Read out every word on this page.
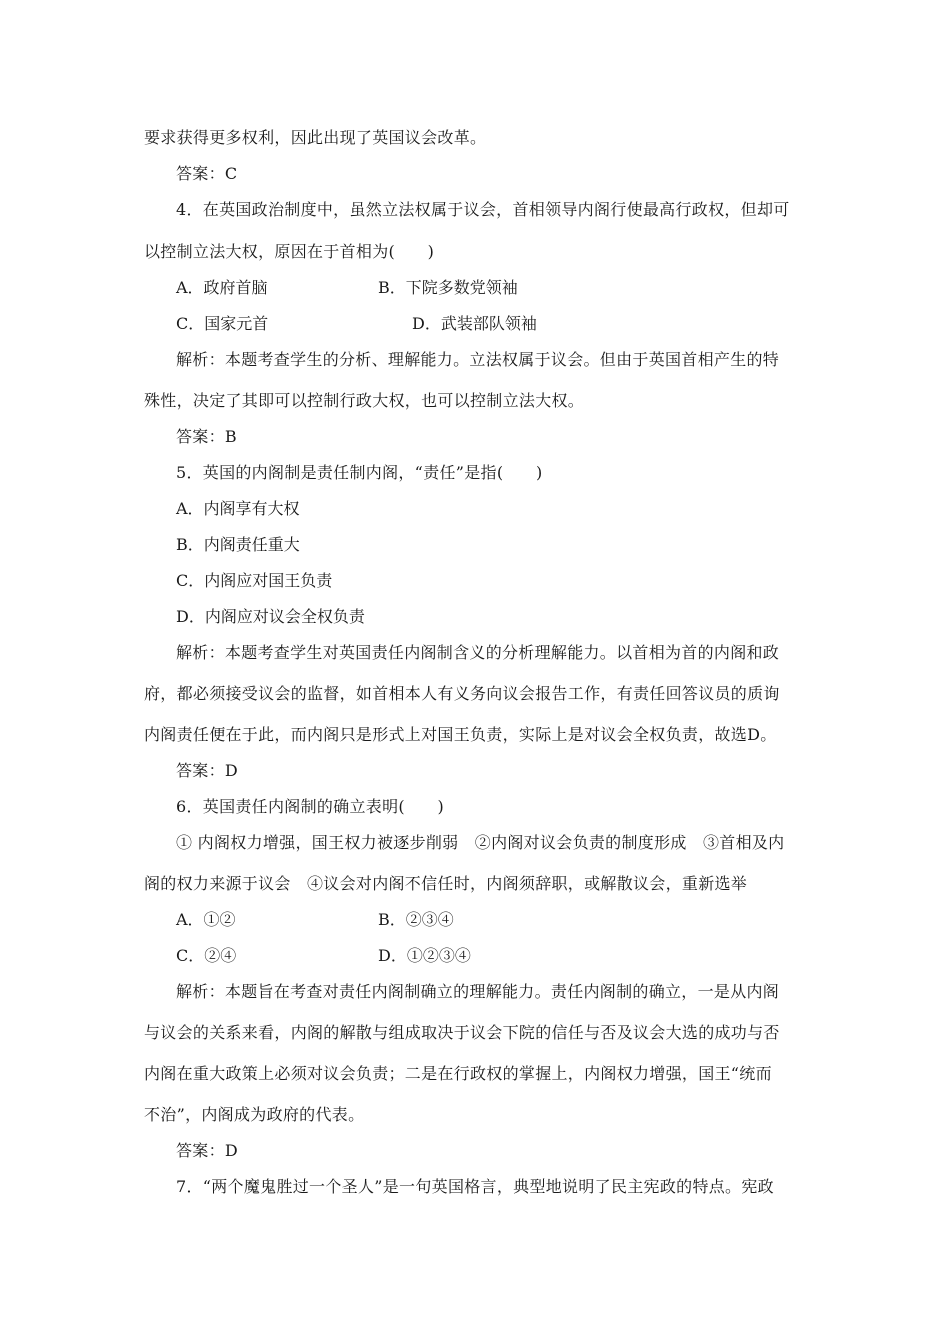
要求获得更多权利，因此出现了英国议会改革。
答案：C
4．在英国政治制度中，虽然立法权属于议会，首相领导内阁行使最高行政权，但却可
以控制立法大权，原因在于首相为(　　)
A．政府首脑	B．下院多数党领袖
C．国家元首	D．武装部队领袖
解析：本题考查学生的分析、理解能力。立法权属于议会。但由于英国首相产生的特
殊性，决定了其即可以控制行政大权，也可以控制立法大权。
答案：B
5．英国的内阁制是责任制内阁，“责任”是指(　　)
A．内阁享有大权
B．内阁责任重大
C．内阁应对国王负责
D．内阁应对议会全权负责
解析：本题考查学生对英国责任内阁制含义的分析理解能力。以首相为首的内阁和政
府，都必须接受议会的监督，如首相本人有义务向议会报告工作，有责任回答议员的质询
内阁责任便在于此，而内阁只是形式上对国王负责，实际上是对议会全权负责，故选D。
答案：D
6．英国责任内阁制的确立表明(　　)
① 内阁权力增强，国王权力被逐步削弱　②内阁对议会负责的制度形成　③首相及内
阁的权力来源于议会　④议会对内阁不信任时，内阁须辞职，或解散议会，重新选举
A．①②	B．②③④
C．②④	D．①②③④
解析：本题旨在考查对责任内阁制确立的理解能力。责任内阁制的确立，一是从内阁
与议会的关系来看，内阁的解散与组成取决于议会下院的信任与否及议会大选的成功与否
内阁在重大政策上必须对议会负责；二是在行政权的掌握上，内阁权力增强，国王“统而
不治”，内阁成为政府的代表。
答案：D
7．“两个魔鬼胜过一个圣人”是一句英国格言，典型地说明了民主宪政的特点。宪政
